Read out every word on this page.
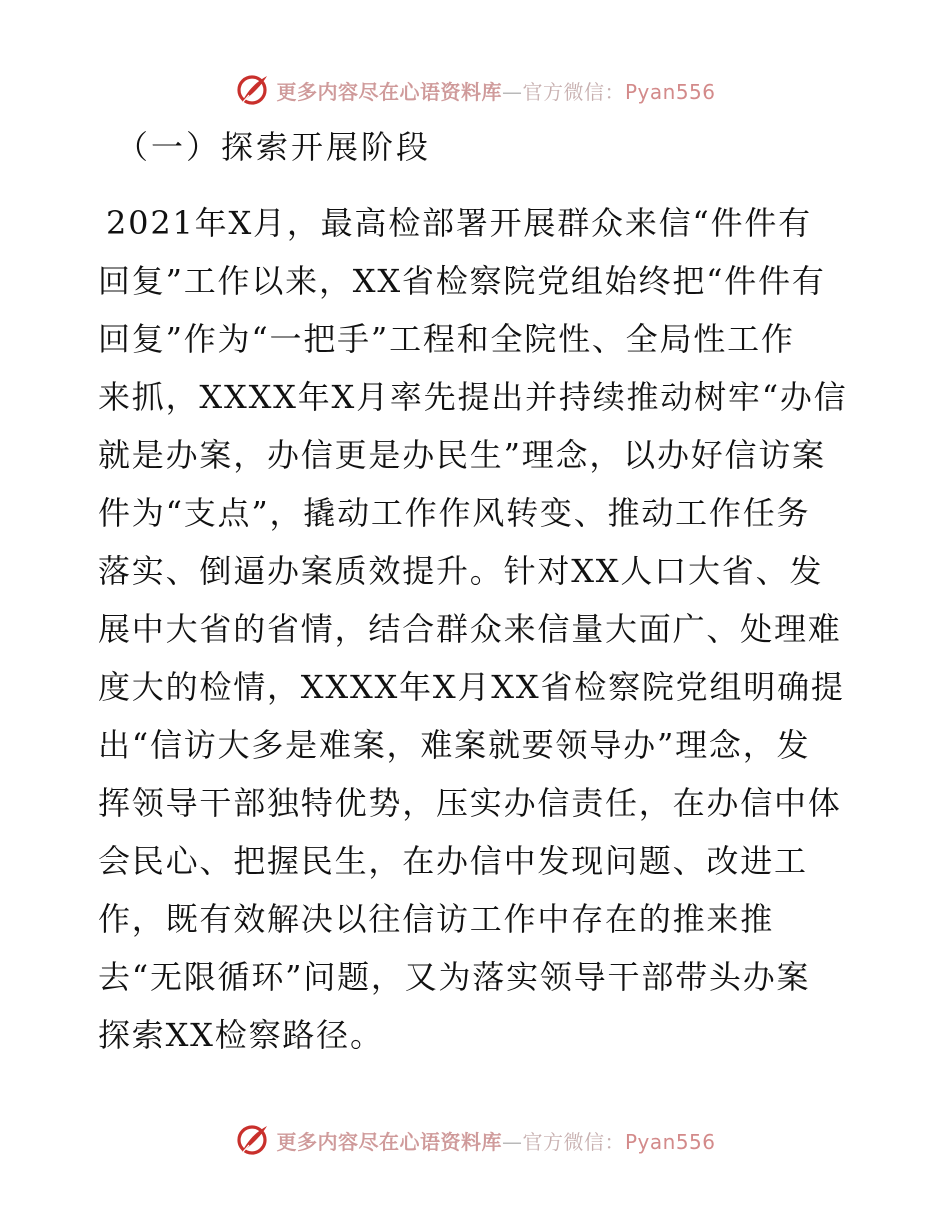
更多内容尽在心语资料库—官方微信：Pyan556
（一）探索开展阶段

2021年X月，最高检部署开展群众来信“件件有
回复”工作以来，XX省检察院党组始终把“件件有
回复”作为“一把手”工程和全院性、全局性工作
来抓，XXXX年X月率先提出并持续推动树牢“办信
就是办案，办信更是办民生”理念，以办好信访案
件为“支点”，撬动工作作风转变、推动工作任务
落实、倒逼办案质效提升。针对XX人口大省、发
展中大省的省情，结合群众来信量大面广、处理难
度大的检情，XXXX年X月XX省检察院党组明确提
出“信访大多是难案，难案就要领导办”理念，发
挥领导干部独特优势，压实办信责任，在办信中体
会民心、把握民生，在办信中发现问题、改进工
作，既有效解决以往信访工作中存在的推来推
去“无限循环”问题，又为落实领导干部带头办案
探索XX检察路径。

更多内容尽在心语资料库—官方微信：Pyan556
